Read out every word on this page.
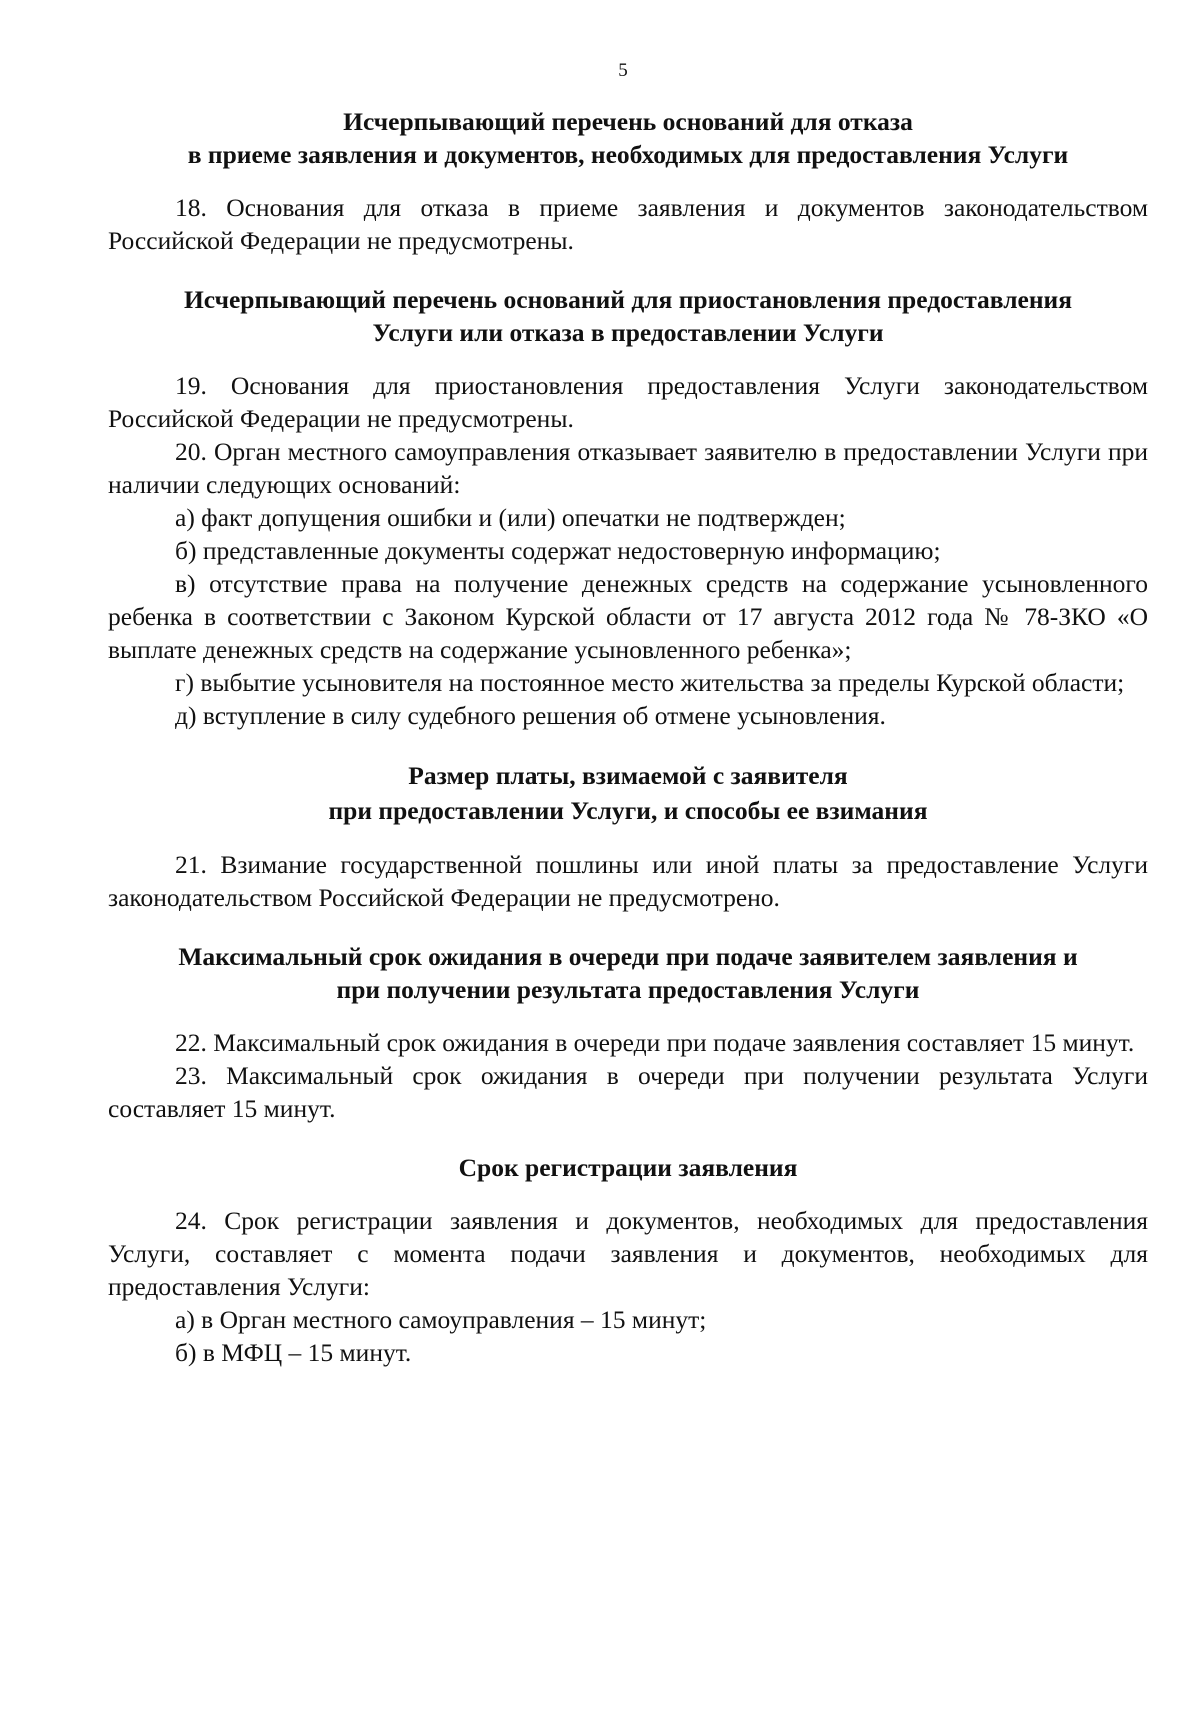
5
Исчерпывающий перечень оснований для отказа
в приеме заявления и документов, необходимых для предоставления Услуги

18. Основания для отказа в приеме заявления и документов законодательством Российской Федерации не предусмотрены.

Исчерпывающий перечень оснований для приостановления предоставления
Услуги или отказа в предоставлении Услуги

19. Основания для приостановления предоставления Услуги законодательством Российской Федерации не предусмотрены.

20. Орган местного самоуправления отказывает заявителю в предоставлении Услуги при наличии следующих оснований:

а) факт допущения ошибки и (или) опечатки не подтвержден;

б) представленные документы содержат недостоверную информацию;

в) отсутствие права на получение денежных средств на содержание усыновленного ребенка в соответствии с Законом Курской области от 17 августа 2012 года № 78-ЗКО «О выплате денежных средств на содержание усыновленного ребенка»;

г) выбытие усыновителя на постоянное место жительства за пределы Курской области;

д) вступление в силу судебного решения об отмене усыновления.

Размер платы, взимаемой с заявителя
при предоставлении Услуги, и способы ее взимания

21. Взимание государственной пошлины или иной платы за предоставление Услуги законодательством Российской Федерации не предусмотрено.

Максимальный срок ожидания в очереди при подаче заявителем заявления и
при получении результата предоставления Услуги

22. Максимальный срок ожидания в очереди при подаче заявления составляет 15 минут.

23. Максимальный срок ожидания в очереди при получении результата Услуги составляет 15 минут.

Срок регистрации заявления

24. Срок регистрации заявления и документов, необходимых для предоставления Услуги, составляет с момента подачи заявления и документов, необходимых для предоставления Услуги:

а) в Орган местного самоуправления – 15 минут;

б) в МФЦ – 15 минут.
